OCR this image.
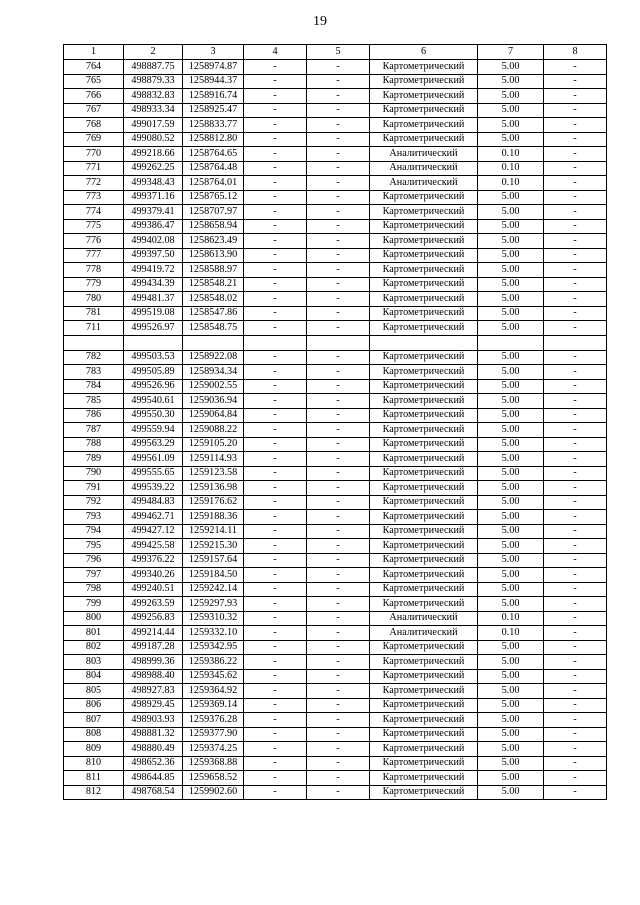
19
1	2	3	4	5	6	7	8
764	498887.75	1258974.87	-	-	Картометрический	5.00	-
765	498879.33	1258944.37	-	-	Картометрический	5.00	-
766	498832.83	1258916.74	-	-	Картометрический	5.00	-
767	498933.34	1258925.47	-	-	Картометрический	5.00	-
768	499017.59	1258833.77	-	-	Картометрический	5.00	-
769	499080.52	1258812.80	-	-	Картометрический	5.00	-
770	499218.66	1258764.65	-	-	Аналитический	0.10	-
771	499262.25	1258764.48	-	-	Аналитический	0.10	-
772	499348.43	1258764.01	-	-	Аналитический	0.10	-
773	499371.16	1258765.12	-	-	Картометрический	5.00	-
774	499379.41	1258707.97	-	-	Картометрический	5.00	-
775	499386.47	1258658.94	-	-	Картометрический	5.00	-
776	499402.08	1258623.49	-	-	Картометрический	5.00	-
777	499397.50	1258613.90	-	-	Картометрический	5.00	-
778	499419.72	1258588.97	-	-	Картометрический	5.00	-
779	499434.39	1258548.21	-	-	Картометрический	5.00	-
780	499481.37	1258548.02	-	-	Картометрический	5.00	-
781	499519.08	1258547.86	-	-	Картометрический	5.00	-
711	499526.97	1258548.75	-	-	Картометрический	5.00	-

782	499503.53	1258922.08	-	-	Картометрический	5.00	-
783	499505.89	1258934.34	-	-	Картометрический	5.00	-
784	499526.96	1259002.55	-	-	Картометрический	5.00	-
785	499540.61	1259036.94	-	-	Картометрический	5.00	-
786	499550.30	1259064.84	-	-	Картометрический	5.00	-
787	499559.94	1259088.22	-	-	Картометрический	5.00	-
788	499563.29	1259105.20	-	-	Картометрический	5.00	-
789	499561.09	1259114.93	-	-	Картометрический	5.00	-
790	499555.65	1259123.58	-	-	Картометрический	5.00	-
791	499539.22	1259136.98	-	-	Картометрический	5.00	-
792	499484.83	1259176.62	-	-	Картометрический	5.00	-
793	499462.71	1259188.36	-	-	Картометрический	5.00	-
794	499427.12	1259214.11	-	-	Картометрический	5.00	-
795	499425.58	1259215.30	-	-	Картометрический	5.00	-
796	499376.22	1259157.64	-	-	Картометрический	5.00	-
797	499340.26	1259184.50	-	-	Картометрический	5.00	-
798	499240.51	1259242.14	-	-	Картометрический	5.00	-
799	499263.59	1259297.93	-	-	Картометрический	5.00	-
800	499256.83	1259310.32	-	-	Аналитический	0.10	-
801	499214.44	1259332.10	-	-	Аналитический	0.10	-
802	499187.28	1259342.95	-	-	Картометрический	5.00	-
803	498999.36	1259386.22	-	-	Картометрический	5.00	-
804	498988.40	1259345.62	-	-	Картометрический	5.00	-
805	498927.83	1259364.92	-	-	Картометрический	5.00	-
806	498929.45	1259369.14	-	-	Картометрический	5.00	-
807	498903.93	1259376.28	-	-	Картометрический	5.00	-
808	498881.32	1259377.90	-	-	Картометрический	5.00	-
809	498880.49	1259374.25	-	-	Картометрический	5.00	-
810	498652.36	1259368.88	-	-	Картометрический	5.00	-
811	498644.85	1259658.52	-	-	Картометрический	5.00	-
812	498768.54	1259902.60	-	-	Картометрический	5.00	-
